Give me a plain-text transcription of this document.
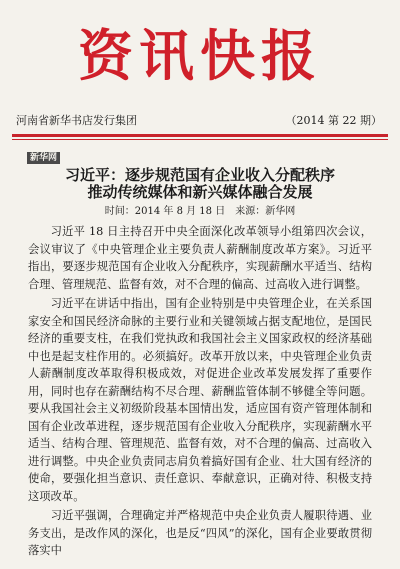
资讯快报
河南省新华书店发行集团	（2014 第 22 期）
新华网
习近平：逐步规范国有企业收入分配秩序
推动传统媒体和新兴媒体融合发展
时间：2014 年 8 月 18 日　来源：新华网

习近平 18 日主持召开中央全面深化改革领导小组第四次会议，会议审议了《中央管理企业主要负责人薪酬制度改革方案》。习近平指出，要逐步规范国有企业收入分配秩序，实现薪酬水平适当、结构合理、管理规范、监督有效，对不合理的偏高、过高收入进行调整。

习近平在讲话中指出，国有企业特别是中央管理企业，在关系国家安全和国民经济命脉的主要行业和关键领域占据支配地位，是国民经济的重要支柱，在我们党执政和我国社会主义国家政权的经济基础中也是起支柱作用的。必须搞好。改革开放以来，中央管理企业负责人薪酬制度改革取得积极成效，对促进企业改革发展发挥了重要作用，同时也存在薪酬结构不尽合理、薪酬监管体制不够健全等问题。要从我国社会主义初级阶段基本国情出发，适应国有资产管理体制和国有企业改革进程，逐步规范国有企业收入分配秩序，实现薪酬水平适当、结构合理、管理规范、监督有效，对不合理的偏高、过高收入进行调整。中央企业负责同志肩负着搞好国有企业、壮大国有经济的使命，要强化担当意识、责任意识、奉献意识，正确对待、积极支持这项改革。

习近平强调，合理确定并严格规范中央企业负责人履职待遇、业务支出，是改作风的深化，也是反“四风”的深化，国有企业要敢贯彻落实中
